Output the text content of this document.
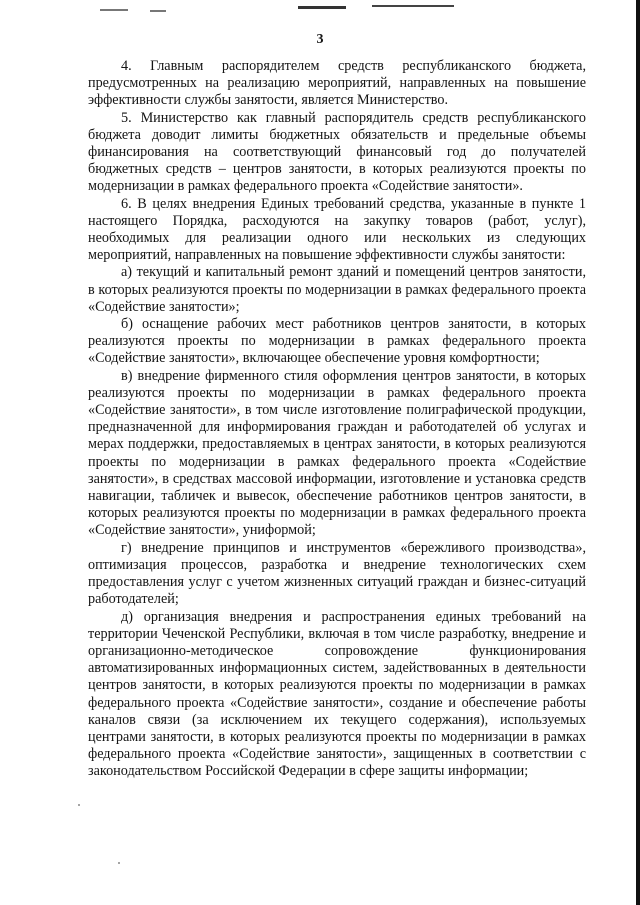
3

4. Главным распорядителем средств республиканского бюджета, предусмотренных на реализацию мероприятий, направленных на повышение эффективности службы занятости, является Министерство.

5. Министерство как главный распорядитель средств республиканского бюджета доводит лимиты бюджетных обязательств и предельные объемы финансирования на соответствующий финансовый год до получателей бюджетных средств – центров занятости, в которых реализуются проекты по модернизации в рамках федерального проекта «Содействие занятости».

6. В целях внедрения Единых требований средства, указанные в пункте 1 настоящего Порядка, расходуются на закупку товаров (работ, услуг), необходимых для реализации одного или нескольких из следующих мероприятий, направленных на повышение эффективности службы занятости:

а) текущий и капитальный ремонт зданий и помещений центров занятости, в которых реализуются проекты по модернизации в рамках федерального проекта «Содействие занятости»;

б) оснащение рабочих мест работников центров занятости, в которых реализуются проекты по модернизации в рамках федерального проекта «Содействие занятости», включающее обеспечение уровня комфортности;

в) внедрение фирменного стиля оформления центров занятости, в которых реализуются проекты по модернизации в рамках федерального проекта «Содействие занятости», в том числе изготовление полиграфической продукции, предназначенной для информирования граждан и работодателей об услугах и мерах поддержки, предоставляемых в центрах занятости, в которых реализуются проекты по модернизации в рамках федерального проекта «Содействие занятости», в средствах массовой информации, изготовление и установка средств навигации, табличек и вывесок, обеспечение работников центров занятости, в которых реализуются проекты по модернизации в рамках федерального проекта «Содействие занятости», униформой;

г) внедрение принципов и инструментов «бережливого производства», оптимизация процессов, разработка и внедрение технологических схем предоставления услуг с учетом жизненных ситуаций граждан и бизнес-ситуаций работодателей;

д) организация внедрения и распространения единых требований на территории Чеченской Республики, включая в том числе разработку, внедрение и организационно-методическое сопровождение функционирования автоматизированных информационных систем, задействованных в деятельности центров занятости, в которых реализуются проекты по модернизации в рамках федерального проекта «Содействие занятости», создание и обеспечение работы каналов связи (за исключением их текущего содержания), используемых центрами занятости, в которых реализуются проекты по модернизации в рамках федерального проекта «Содействие занятости», защищенных в соответствии с законодательством Российской Федерации в сфере защиты информации;
